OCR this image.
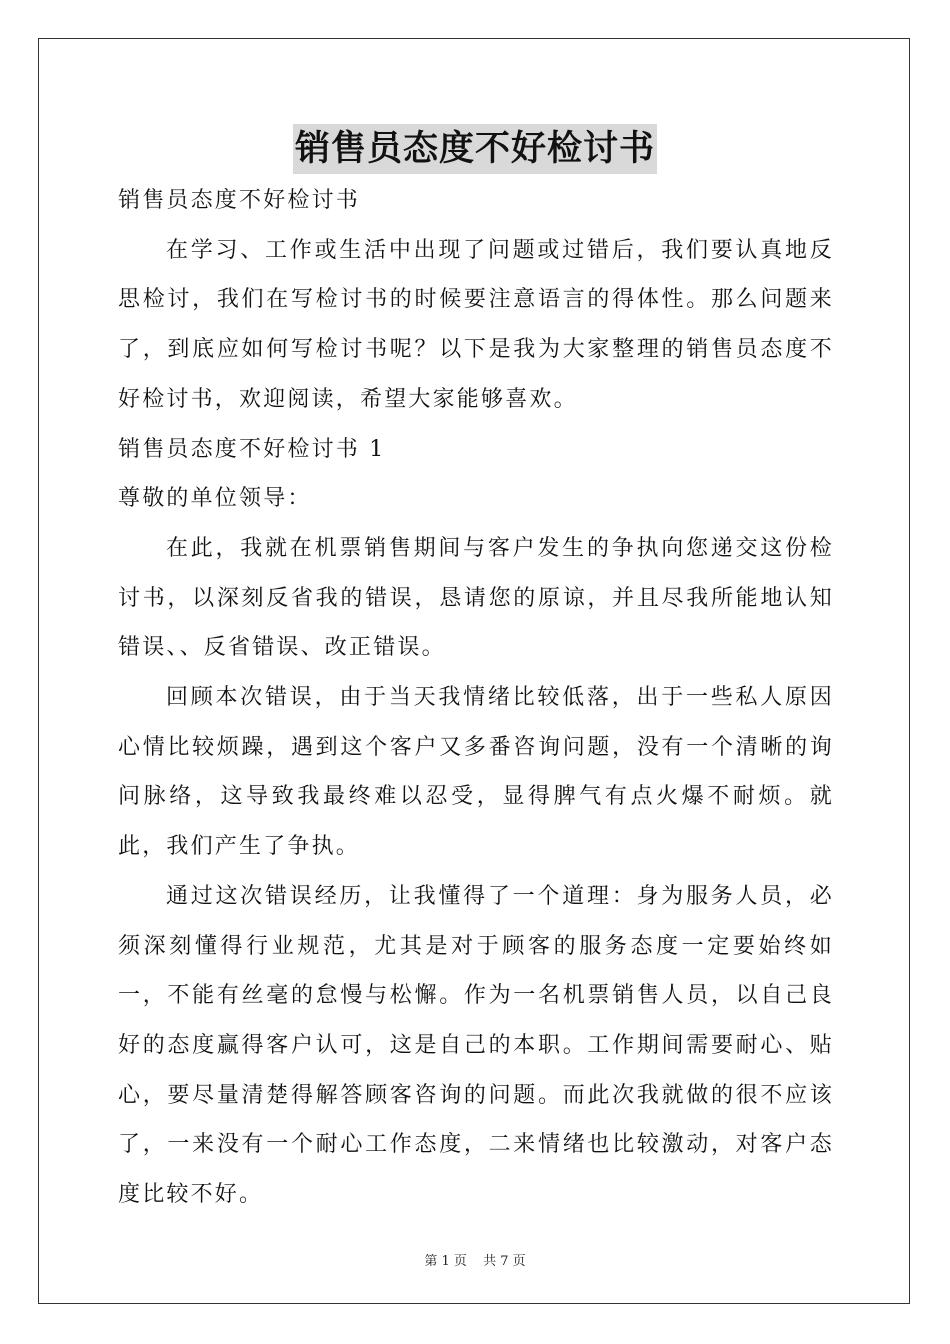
销售员态度不好检讨书
销售员态度不好检讨书

在学习、工作或生活中出现了问题或过错后，我们要认真地反思检讨，我们在写检讨书的时候要注意语言的得体性。那么问题来了，到底应如何写检讨书呢？以下是我为大家整理的销售员态度不好检讨书，欢迎阅读，希望大家能够喜欢。

销售员态度不好检讨书 1
尊敬的单位领导：

在此，我就在机票销售期间与客户发生的争执向您递交这份检讨书，以深刻反省我的错误，恳请您的原谅，并且尽我所能地认知错误、、反省错误、改正错误。

回顾本次错误，由于当天我情绪比较低落，出于一些私人原因心情比较烦躁，遇到这个客户又多番咨询问题，没有一个清晰的询问脉络，这导致我最终难以忍受，显得脾气有点火爆不耐烦。就此，我们产生了争执。

通过这次错误经历，让我懂得了一个道理：身为服务人员，必须深刻懂得行业规范，尤其是对于顾客的服务态度一定要始终如一，不能有丝毫的怠慢与松懈。作为一名机票销售人员，以自己良好的态度赢得客户认可，这是自己的本职。工作期间需要耐心、贴心，要尽量清楚得解答顾客咨询的问题。而此次我就做的很不应该了，一来没有一个耐心工作态度，二来情绪也比较激动，对客户态度比较不好。

第 1 页 共 7 页
